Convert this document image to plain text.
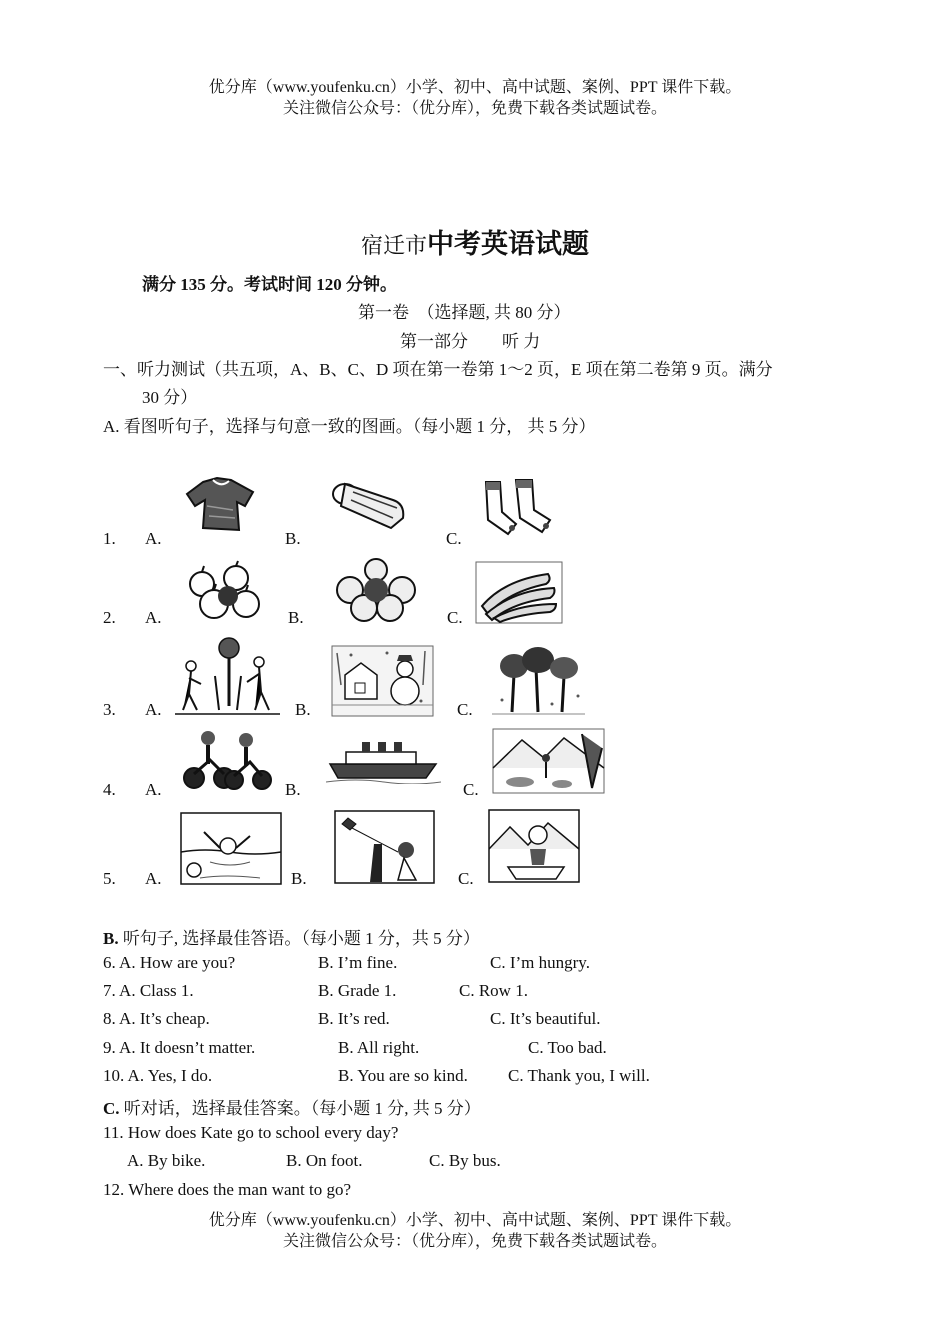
优分库（www.youfenku.cn）小学、初中、高中试题、案例、PPT 课件下载。
关注微信公众号：（优分库），免费下载各类试题试卷。
宿迁市中考英语试题
满分 135 分。考试时间 120 分钟。
第一卷　（选择题, 共 80 分）
第一部分　　听 力
一、听力测试（共五项，A、B、C、D 项在第一卷第 1～2 页，E 项在第二卷第 9 页。满分
30 分）
A. 看图听句子，选择与句意一致的图画。（每小题 1 分， 共 5 分）
1. A.	B.	C.
2. A.	B.	C.
3. A.	B.	C.
4. A.	B.	C.
5. A.	B.	C.
B. 听句子, 选择最佳答语。（每小题 1 分，共 5 分）
6. A. How are you?	B. I’m fine.	C. I’m hungry.
7. A. Class 1.	B. Grade 1.	C. Row 1.
8. A. It’s cheap.	B. It’s red.	C. It’s beautiful.
9. A. It doesn’t matter.	B. All right.	C. Too bad.
10. A. Yes, I do.	B. You are so kind. C. Thank you, I will.
C. 听对话，选择最佳答案。（每小题 1 分, 共 5 分）
11. How does Kate go to school every day?
A. By bike.	B. On foot.	C. By bus.
12. Where does the man want to go?
优分库（www.youfenku.cn）小学、初中、高中试题、案例、PPT 课件下载。
关注微信公众号：（优分库），免费下载各类试题试卷。
